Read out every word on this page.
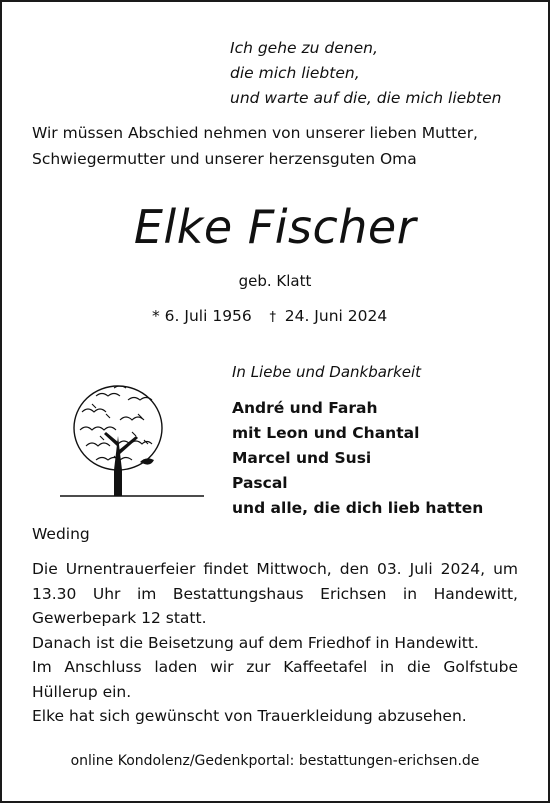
Ich gehe zu denen,
die mich liebten,
und warte auf die, die mich liebten
Wir müssen Abschied nehmen von unserer lieben Mutter,
Schwiegermutter und unserer herzensguten Oma
Elke Fischer
geb. Klatt
* 6. Juli 1956 † 24. Juni 2024
In Liebe und Dankbarkeit
André und Farah
mit Leon und Chantal
Marcel und Susi
Pascal
und alle, die dich lieb hatten
Weding

Die Urnentrauerfeier findet Mittwoch, den 03. Juli 2024, um 13.30 Uhr im Bestattungshaus Erichsen in Handewitt, Gewerbepark 12 statt.

Danach ist die Beisetzung auf dem Friedhof in Handewitt.

Im Anschluss laden wir zur Kaffeetafel in die Golfstube Hüllerup ein.

Elke hat sich gewünscht von Trauerkleidung abzusehen.

online Kondolenz/Gedenkportal: bestattungen-erichsen.de
